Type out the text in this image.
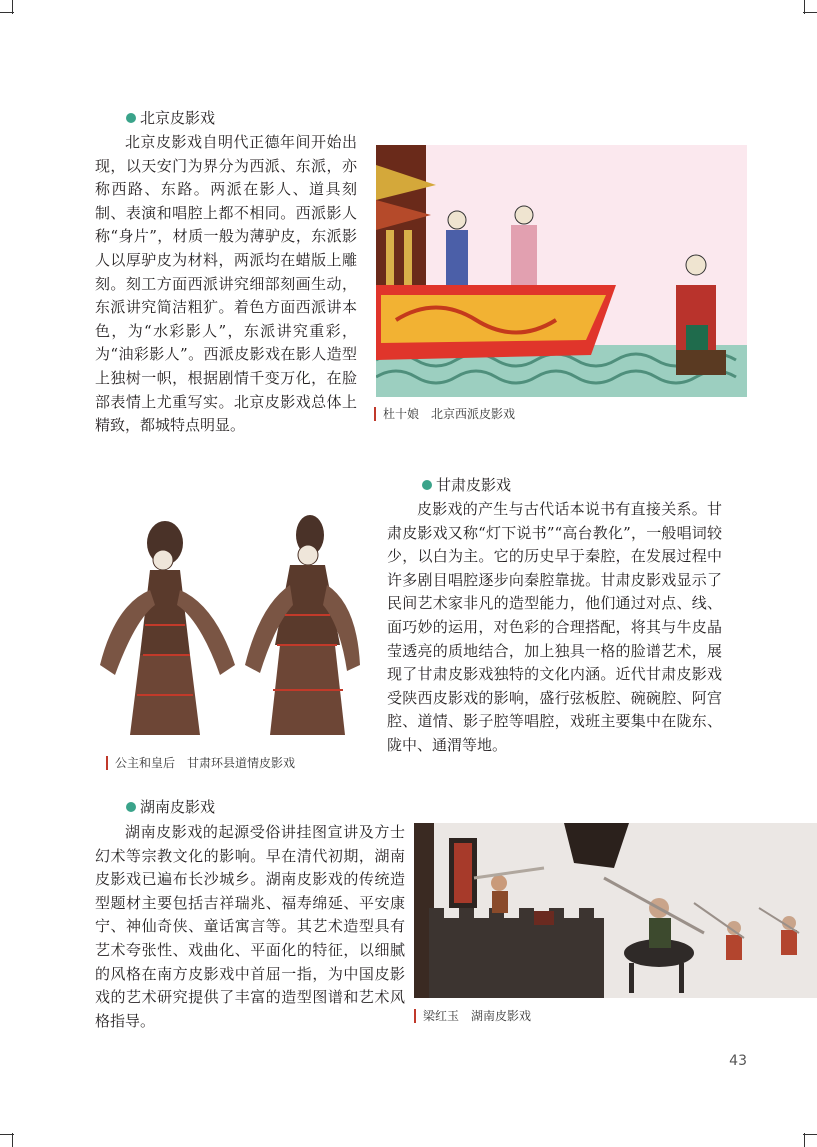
北京皮影戏

北京皮影戏自明代正德年间开始出现，以天安门为界分为西派、东派，亦称西路、东路。两派在影人、道具刻制、表演和唱腔上都不相同。西派影人称“身片”，材质一般为薄驴皮，东派影人以厚驴皮为材料，两派均在蜡版上雕刻。刻工方面西派讲究细部刻画生动，东派讲究简洁粗犷。着色方面西派讲本色，为“水彩影人”，东派讲究重彩，为“油彩影人”。西派皮影戏在影人造型上独树一帜，根据剧情千变万化，在脸部表情上尤重写实。北京皮影戏总体上精致，都城特点明显。

杜十娘 北京西派皮影戏
甘肃皮影戏

皮影戏的产生与古代话本说书有直接关系。甘肃皮影戏又称“灯下说书”“高台教化”，一般唱词较少，以白为主。它的历史早于秦腔，在发展过程中许多剧目唱腔逐步向秦腔靠拢。甘肃皮影戏显示了民间艺术家非凡的造型能力，他们通过对点、线、面巧妙的运用，对色彩的合理搭配，将其与牛皮晶莹透亮的质地结合，加上独具一格的脸谱艺术，展现了甘肃皮影戏独特的文化内涵。近代甘肃皮影戏受陕西皮影戏的影响，盛行弦板腔、碗碗腔、阿宫腔、道情、影子腔等唱腔，戏班主要集中在陇东、陇中、通渭等地。

公主和皇后 甘肃环县道情皮影戏
湖南皮影戏

湖南皮影戏的起源受俗讲挂图宣讲及方士幻术等宗教文化的影响。早在清代初期，湖南皮影戏已遍布长沙城乡。湖南皮影戏的传统造型题材主要包括吉祥瑞兆、福寿绵延、平安康宁、神仙奇侠、童话寓言等。其艺术造型具有艺术夸张性、戏曲化、平面化的特征，以细腻的风格在南方皮影戏中首屈一指，为中国皮影戏的艺术研究提供了丰富的造型图谱和艺术风格指导。	梁红玉 湖南皮影戏
43
